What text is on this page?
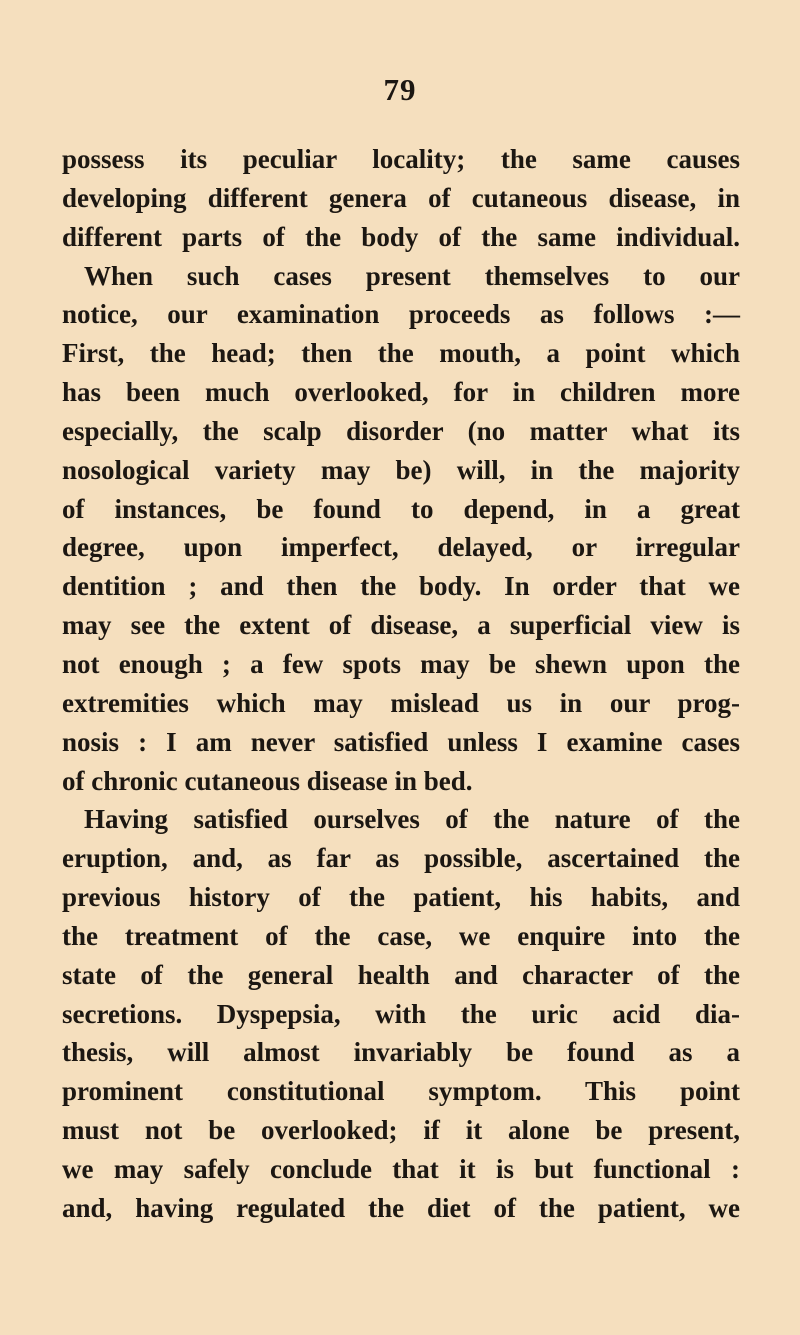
79
possess its peculiar locality; the same causes
developing different genera of cutaneous disease, in
different parts of the body of the same individual.
When such cases present themselves to our
notice, our examination proceeds as follows :—
First, the head; then the mouth, a point which
has been much overlooked, for in children more
especially, the scalp disorder (no matter what its
nosological variety may be) will, in the majority
of instances, be found to depend, in a great
degree, upon imperfect, delayed, or irregular
dentition ; and then the body. In order that we
may see the extent of disease, a superficial view is
not enough ; a few spots may be shewn upon the
extremities which may mislead us in our prog-
nosis : I am never satisfied unless I examine cases
of chronic cutaneous disease in bed.
Having satisfied ourselves of the nature of the
eruption, and, as far as possible, ascertained the
previous history of the patient, his habits, and
the treatment of the case, we enquire into the
state of the general health and character of the
secretions. Dyspepsia, with the uric acid dia-
thesis, will almost invariably be found as a
prominent constitutional symptom. This point
must not be overlooked; if it alone be present,
we may safely conclude that it is but functional :
and, having regulated the diet of the patient, we
